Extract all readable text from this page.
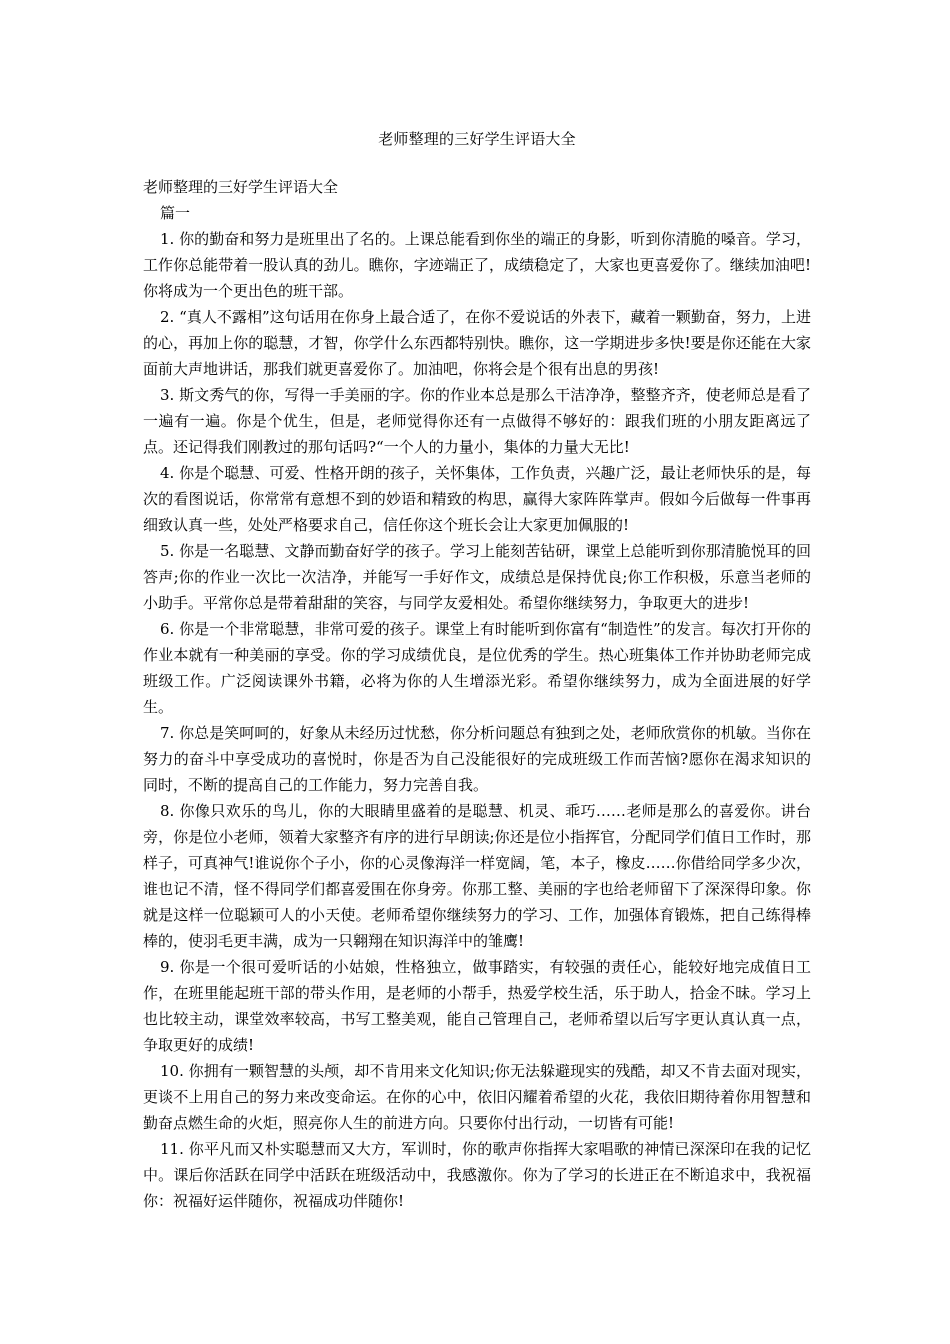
老师整理的三好学生评语大全

老师整理的三好学生评语大全

篇一

1. 你的勤奋和努力是班里出了名的。上课总能看到你坐的端正的身影，听到你清脆的嗓音。学习，工作你总能带着一股认真的劲儿。瞧你，字迹端正了，成绩稳定了，大家也更喜爱你了。继续加油吧!你将成为一个更出色的班干部。

2. “真人不露相”这句话用在你身上最合适了，在你不爱说话的外表下，藏着一颗勤奋，努力，上进的心，再加上你的聪慧，才智，你学什么东西都特别快。瞧你，这一学期进步多快!要是你还能在大家面前大声地讲话，那我们就更喜爱你了。加油吧，你将会是个很有出息的男孩!

3. 斯文秀气的你，写得一手美丽的字。你的作业本总是那么干洁净净，整整齐齐，使老师总是看了一遍有一遍。你是个优生，但是，老师觉得你还有一点做得不够好的：跟我们班的小朋友距离远了点。还记得我们刚教过的那句话吗?“一个人的力量小，集体的力量大无比!

4. 你是个聪慧、可爱、性格开朗的孩子，关怀集体，工作负责，兴趣广泛，最让老师快乐的是，每次的看图说话，你常常有意想不到的妙语和精致的构思，赢得大家阵阵掌声。假如今后做每一件事再细致认真一些，处处严格要求自己，信任你这个班长会让大家更加佩服的!

5. 你是一名聪慧、文静而勤奋好学的孩子。学习上能刻苦钻研，课堂上总能听到你那清脆悦耳的回答声;你的作业一次比一次洁净，并能写一手好作文，成绩总是保持优良;你工作积极，乐意当老师的小助手。平常你总是带着甜甜的笑容，与同学友爱相处。希望你继续努力，争取更大的进步!

6. 你是一个非常聪慧，非常可爱的孩子。课堂上有时能听到你富有“制造性”的发言。每次打开你的作业本就有一种美丽的享受。你的学习成绩优良，是位优秀的学生。热心班集体工作并协助老师完成班级工作。广泛阅读课外书籍，必将为你的人生增添光彩。希望你继续努力，成为全面进展的好学生。

7. 你总是笑呵呵的，好象从未经历过忧愁，你分析问题总有独到之处，老师欣赏你的机敏。当你在努力的奋斗中享受成功的喜悦时，你是否为自己没能很好的完成班级工作而苦恼?愿你在渴求知识的同时，不断的提高自己的工作能力，努力完善自我。

8. 你像只欢乐的鸟儿，你的大眼睛里盛着的是聪慧、机灵、乖巧……老师是那么的喜爱你。讲台旁，你是位小老师，领着大家整齐有序的进行早朗读;你还是位小指挥官，分配同学们值日工作时，那样子，可真神气!谁说你个子小，你的心灵像海洋一样宽阔，笔，本子，橡皮……你借给同学多少次，谁也记不清，怪不得同学们都喜爱围在你身旁。你那工整、美丽的字也给老师留下了深深得印象。你就是这样一位聪颖可人的小天使。老师希望你继续努力的学习、工作，加强体育锻炼，把自己练得棒棒的，使羽毛更丰满，成为一只翱翔在知识海洋中的雏鹰!

9. 你是一个很可爱听话的小姑娘，性格独立，做事踏实，有较强的责任心，能较好地完成值日工作，在班里能起班干部的带头作用，是老师的小帮手，热爱学校生活，乐于助人，拾金不昧。学习上也比较主动，课堂效率较高，书写工整美观，能自己管理自己，老师希望以后写字更认真认真一点，争取更好的成绩!

10. 你拥有一颗智慧的头颅，却不肯用来文化知识;你无法躲避现实的残酷，却又不肯去面对现实，更谈不上用自己的努力来改变命运。在你的心中，依旧闪耀着希望的火花，我依旧期待着你用智慧和勤奋点燃生命的火炬，照亮你人生的前进方向。只要你付出行动，一切皆有可能!

11. 你平凡而又朴实聪慧而又大方，军训时，你的歌声你指挥大家唱歌的神情已深深印在我的记忆中。课后你活跃在同学中活跃在班级活动中，我感激你。你为了学习的长进正在不断追求中，我祝福你：祝福好运伴随你，祝福成功伴随你!
